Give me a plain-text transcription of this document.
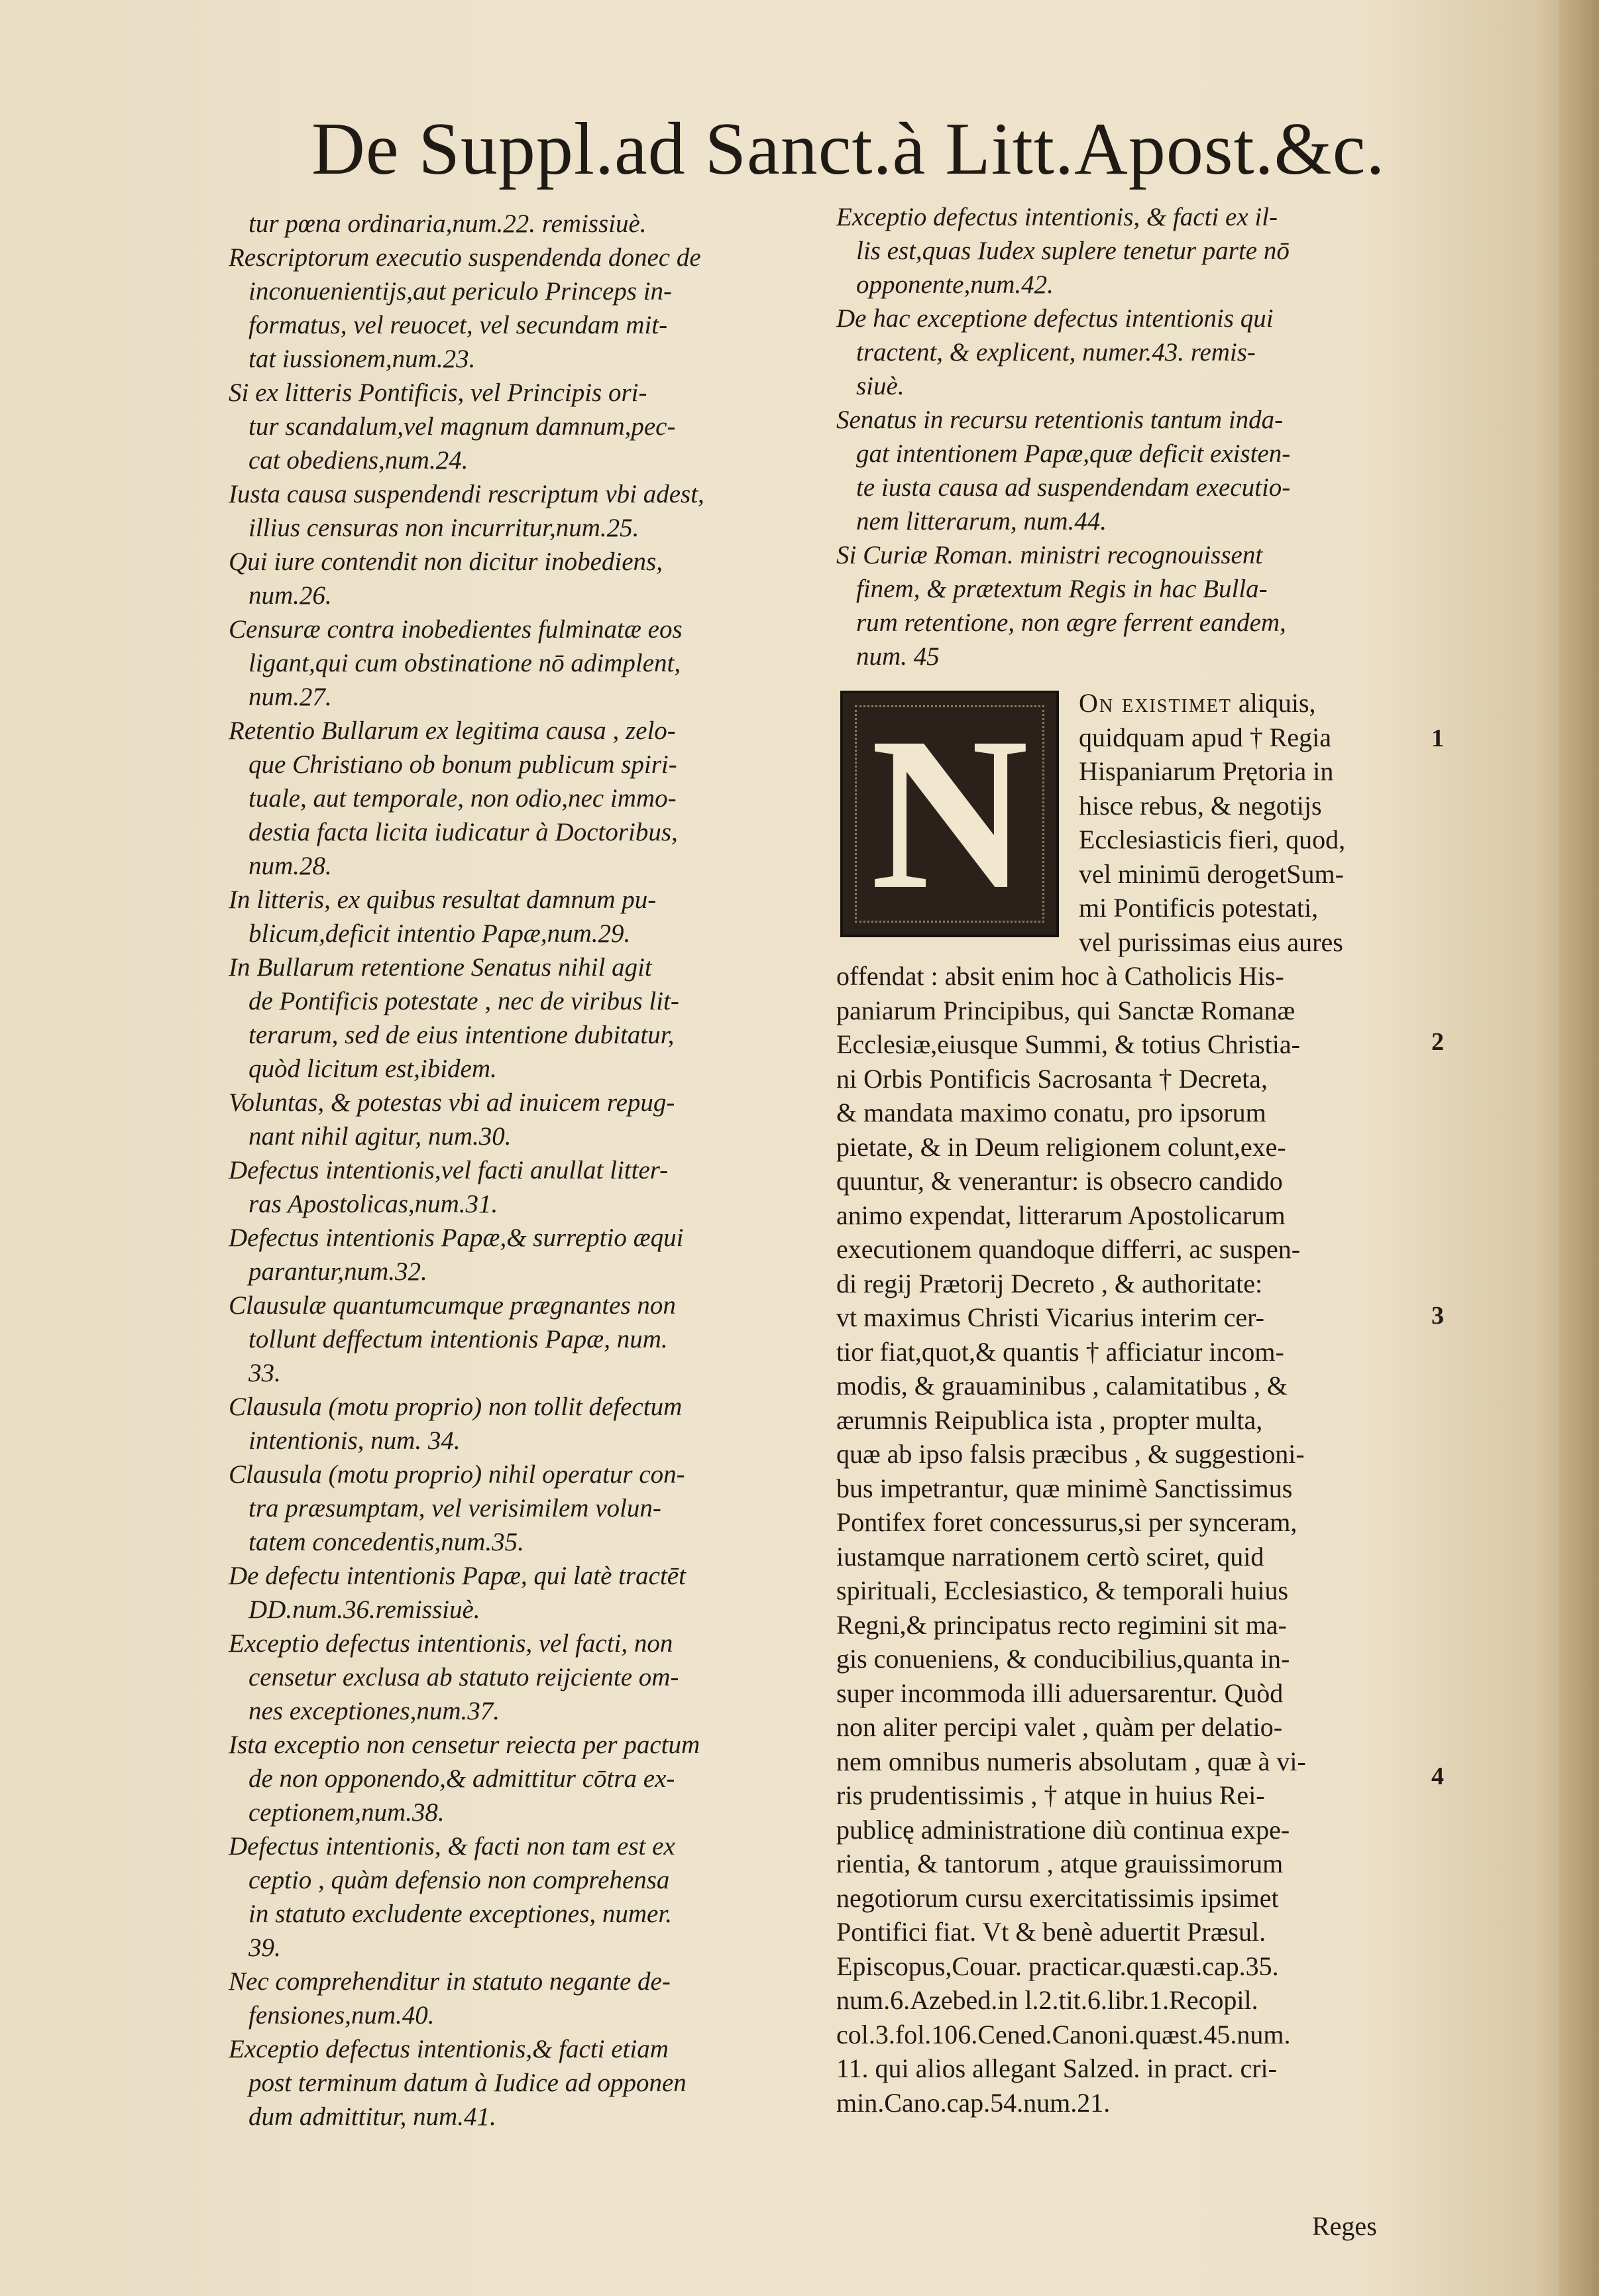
De Suppl.ad Sanct.à Litt.Apost.&c.

tur pœna ordinaria,num.22. remissiuè.

Rescriptorum executio suspendenda donec de

inconuenientijs,aut periculo Princeps in-

formatus, vel reuocet, vel secundam mit-

tat iussionem,num.23.

Si ex litteris Pontificis, vel Principis ori-

tur scandalum,vel magnum damnum,pec-

cat obediens,num.24.

Iusta causa suspendendi rescriptum vbi adest,

illius censuras non incurritur,num.25.

Qui iure contendit non dicitur inobediens,

num.26.

Censuræ contra inobedientes fulminatæ eos

ligant,qui cum obstinatione nō adimplent,

num.27.

Retentio Bullarum ex legitima causa , zelo-

que Christiano ob bonum publicum spiri-

tuale, aut temporale, non odio,nec immo-

destia facta licita iudicatur à Doctoribus,

num.28.

In litteris, ex quibus resultat damnum pu-

blicum,deficit intentio Papæ,num.29.

In Bullarum retentione Senatus nihil agit

de Pontificis potestate , nec de viribus lit-

terarum, sed de eius intentione dubitatur,

quòd licitum est,ibidem.

Voluntas, & potestas vbi ad inuicem repug-

nant nihil agitur, num.30.

Defectus intentionis,vel facti anullat litter-

ras Apostolicas,num.31.

Defectus intentionis Papæ,& surreptio æqui

parantur,num.32.

Clausulæ quantumcumque prægnantes non

tollunt deffectum intentionis Papæ, num.

33.

Clausula (motu proprio) non tollit defectum

intentionis, num. 34.

Clausula (motu proprio) nihil operatur con-

tra præsumptam, vel verisimilem volun-

tatem concedentis,num.35.

De defectu intentionis Papæ, qui latè tractēt

DD.num.36.remissiuè.

Exceptio defectus intentionis, vel facti, non

censetur exclusa ab statuto reijciente om-

nes exceptiones,num.37.

Ista exceptio non censetur reiecta per pactum

de non opponendo,& admittitur cōtra ex-

ceptionem,num.38.

Defectus intentionis, & facti non tam est ex

ceptio , quàm defensio non comprehensa

in statuto excludente exceptiones, numer.

39.

Nec comprehenditur in statuto negante de-

fensiones,num.40.

Exceptio defectus intentionis,& facti etiam

post terminum datum à Iudice ad opponen

dum admittitur, num.41.

Exceptio defectus intentionis, & facti ex il-

lis est,quas Iudex suplere tenetur parte nō

opponente,num.42.

De hac exceptione defectus intentionis qui

tractent, & explicent, numer.43. remis-

siuè.

Senatus in recursu retentionis tantum inda-

gat intentionem Papæ,quæ deficit existen-

te iusta causa ad suspendendam executio-

nem litterarum, num.44.

Si Curiæ Roman. ministri recognouissent

finem, & prætextum Regis in hac Bulla-

rum retentione, non ægre ferrent eandem,

num. 45

N	On existimet aliquis,

quidquam apud † Regia

Hispaniarum Prętoria in

hisce rebus, & negotijs

Ecclesiasticis fieri, quod,

vel minimū derogetSum-

mi Pontificis potestati,

vel purissimas eius aures

offendat : absit enim hoc à Catholicis His-

paniarum Principibus, qui Sanctæ Romanæ

Ecclesiæ,eiusque Summi, & totius Christia-

ni Orbis Pontificis Sacrosanta † Decreta,

& mandata maximo conatu, pro ipsorum

pietate, & in Deum religionem colunt,exe-

quuntur, & venerantur: is obsecro candido

animo expendat, litterarum Apostolicarum

executionem quandoque differri, ac suspen-

di regij Prætorij Decreto , & authoritate:

vt maximus Christi Vicarius interim cer-

tior fiat,quot,& quantis † afficiatur incom-

modis, & grauaminibus , calamitatibus , &

ærumnis Reipublica ista , propter multa,

quæ ab ipso falsis præcibus , & suggestioni-

bus impetrantur, quæ minimè Sanctissimus

Pontifex foret concessurus,si per synceram,

iustamque narrationem certò sciret, quid

spirituali, Ecclesiastico, & temporali huius

Regni,& principatus recto regimini sit ma-

gis conueniens, & conducibilius,quanta in-

super incommoda illi aduersarentur. Quòd

non aliter percipi valet , quàm per delatio-

nem omnibus numeris absolutam , quæ à vi-

ris prudentissimis , † atque in huius Rei-

publicę administratione diù continua expe-

rientia, & tantorum , atque grauissimorum

negotiorum cursu exercitatissimis ipsimet

Pontifici fiat. Vt & benè aduertit Præsul.

Episcopus,Couar. practicar.quæsti.cap.35.

num.6.Azebed.in l.2.tit.6.libr.1.Recopil.

col.3.fol.106.Cened.Canoni.quæst.45.num.

11. qui alios allegant Salzed. in pract. cri-

min.Cano.cap.54.num.21.

1
2
3
4
Reges
